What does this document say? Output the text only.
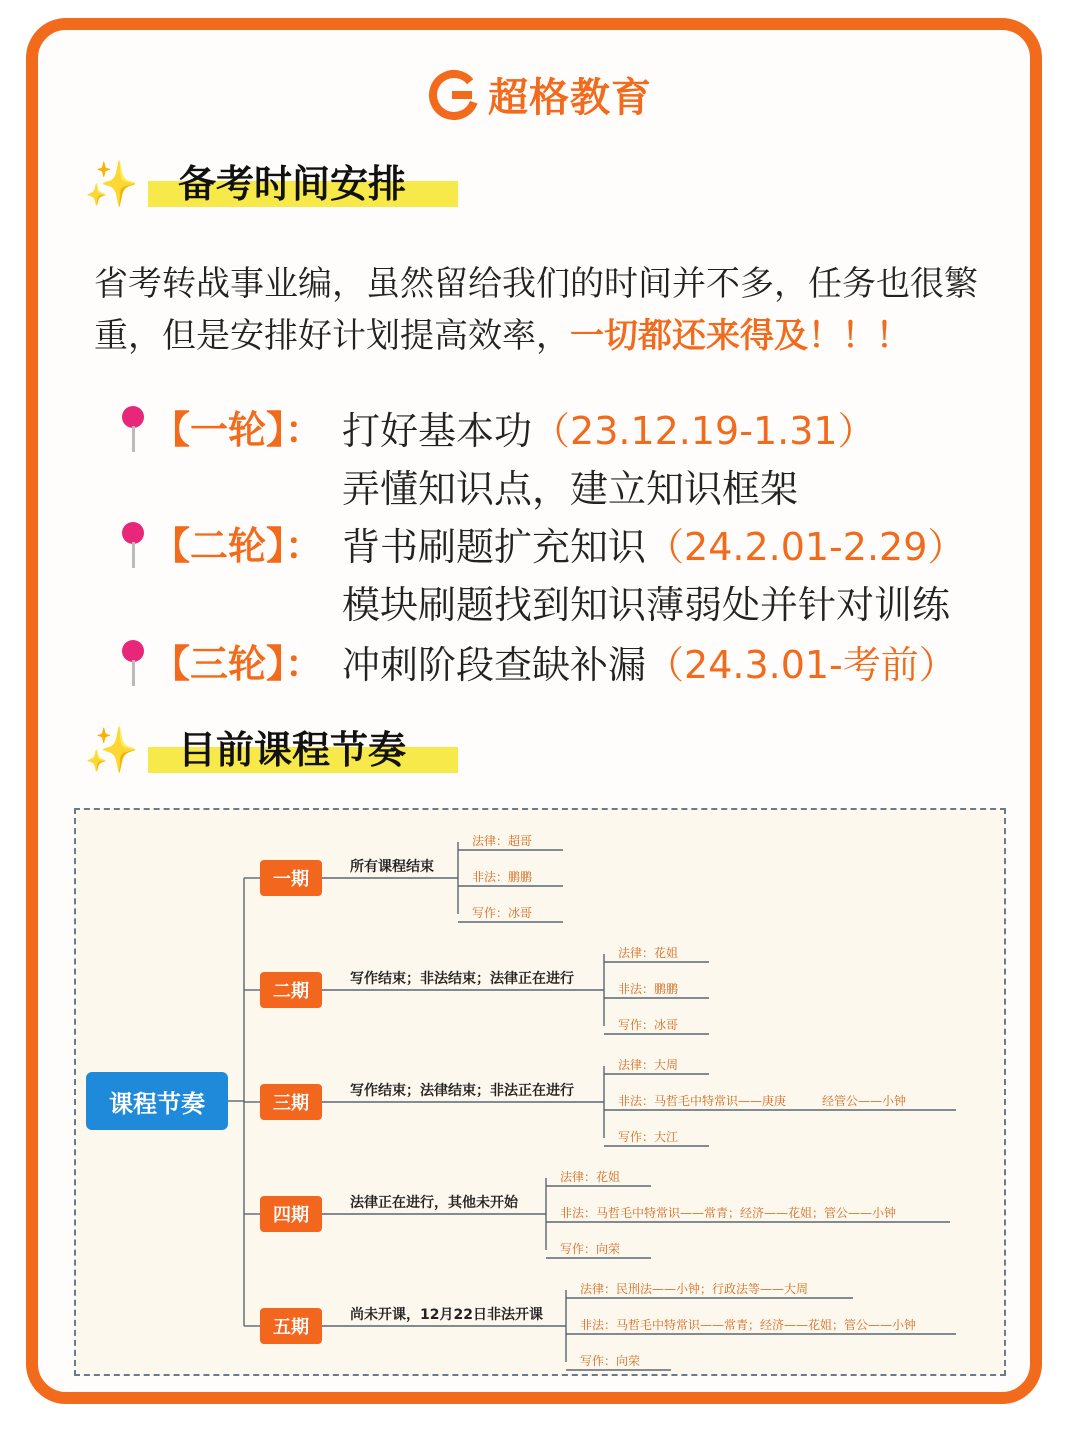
超格教育
✨	备考时间安排
省考转战事业编，虽然留给我们的时间并不多，任务也很繁重，但是安排好计划提高效率，一切都还来得及！！！
【一轮】： 打好基本功（23.12.19-1.31）
弄懂知识点，建立知识框架
【二轮】： 背书刷题扩充知识（24.2.01-2.29）
模块刷题找到知识薄弱处并针对训练
【三轮】： 冲刺阶段查缺补漏（24.3.01-考前）
✨	目前课程节奏
课程节奏
一期
所有课程结束
法律：超哥
非法：鹏鹏
写作：冰哥
二期
写作结束；非法结束；法律正在进行
法律：花姐
非法：鹏鹏
写作：冰哥
三期
写作结束；法律结束；非法正在进行
法律：大周
非法：马哲毛中特常识——庚庚　　　经管公——小钟
写作：大江
四期
法律正在进行，其他未开始
法律：花姐
非法：马哲毛中特常识——常青；经济——花姐；管公——小钟
写作：向荣
五期
尚未开课，12月22日非法开课
法律：民刑法——小钟；行政法等——大周
非法：马哲毛中特常识——常青；经济——花姐；管公——小钟
写作：向荣
